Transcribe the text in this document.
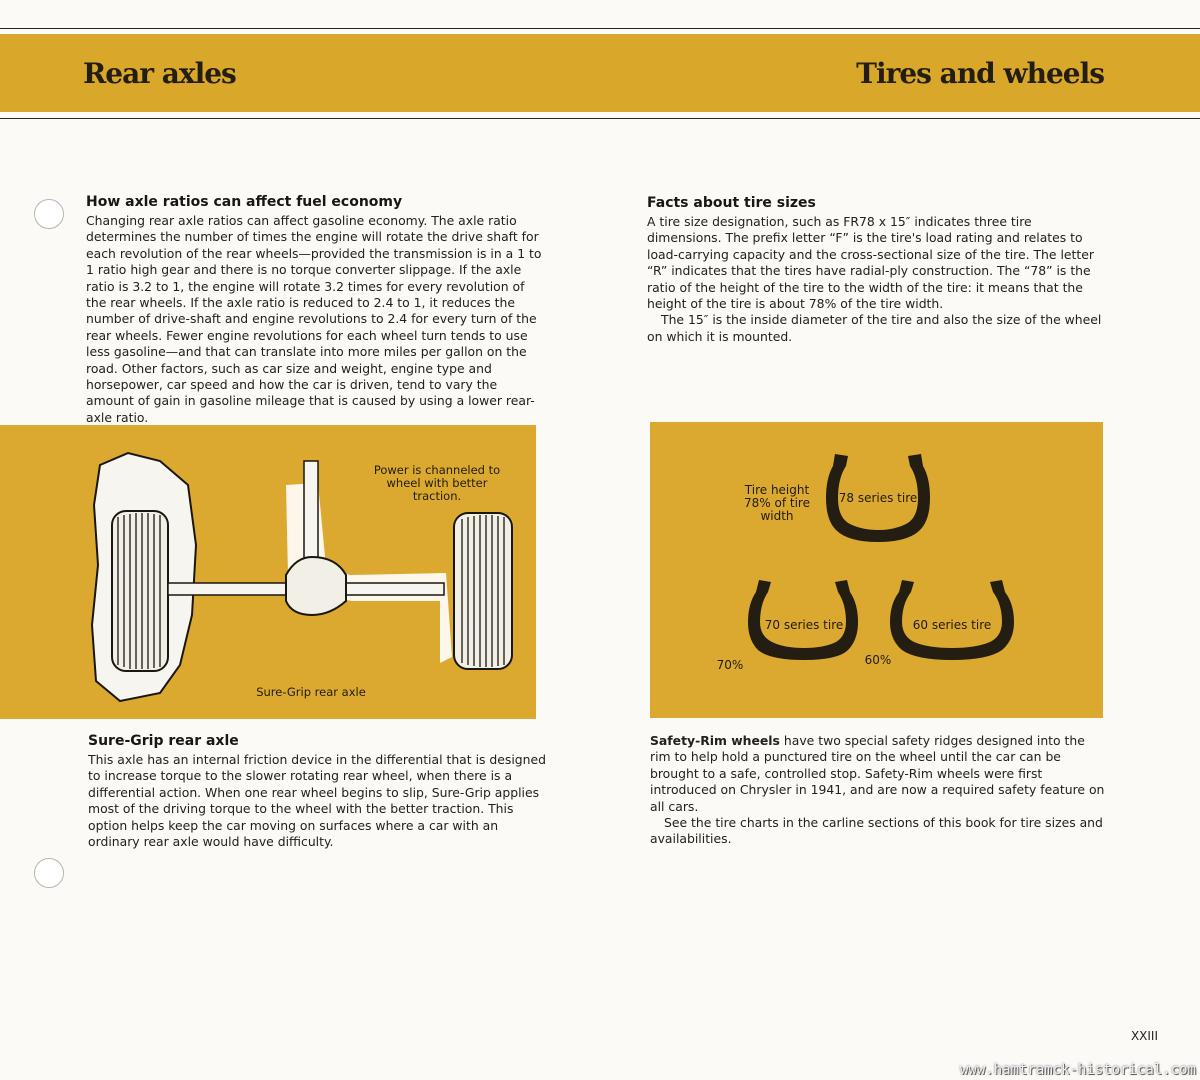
Rear axles	Tires and wheels
How axle ratios can affect fuel economy

Changing rear axle ratios can affect gasoline economy. The axle ratio determines the number of times the engine will rotate the drive shaft for each revolution of the rear wheels—provided the transmission is in a 1 to 1 ratio high gear and there is no torque converter slippage. If the axle ratio is 3.2 to 1, the engine will rotate 3.2 times for every revolution of the rear wheels. If the axle ratio is reduced to 2.4 to 1, it reduces the number of drive-shaft and engine revolutions to 2.4 for every turn of the rear wheels. Fewer engine revolutions for each wheel turn tends to use less gasoline—and that can translate into more miles per gallon on the road. Other factors, such as car size and weight, engine type and horsepower, car speed and how the car is driven, tend to vary the amount of gain in gasoline mileage that is caused by using a lower rear-axle ratio.

Power is channeled to wheel with better traction.
Sure-Grip rear axle
Sure-Grip rear axle

This axle has an internal friction device in the differential that is designed to increase torque to the slower rotating rear wheel, when there is a differential action. When one rear wheel begins to slip, Sure-Grip applies most of the driving torque to the wheel with the better traction. This option helps keep the car moving on surfaces where a car with an ordinary rear axle would have difficulty.

Facts about tire sizes

A tire size designation, such as FR78 x 15″ indicates three tire dimensions. The prefix letter “F” is the tire's load rating and relates to load-carrying capacity and the cross-sectional size of the tire. The letter “R” indicates that the tires have radial-ply construction. The “78” is the ratio of the height of the tire to the width of the tire: it means that the height of the tire is about 78% of the tire width.
The 15″ is the inside diameter of the tire and also the size of the wheel on which it is mounted.

Tire height 78% of tire width
78 series tire
70 series tire	60 series tire
70%	60%

Safety-Rim wheels have two special safety ridges designed into the rim to help hold a punctured tire on the wheel until the car can be brought to a safe, controlled stop. Safety-Rim wheels were first introduced on Chrysler in 1941, and are now a required safety feature on all cars.
See the tire charts in the carline sections of this book for tire sizes and availabilities.

XXIII
www.hamtramck-historical.com
